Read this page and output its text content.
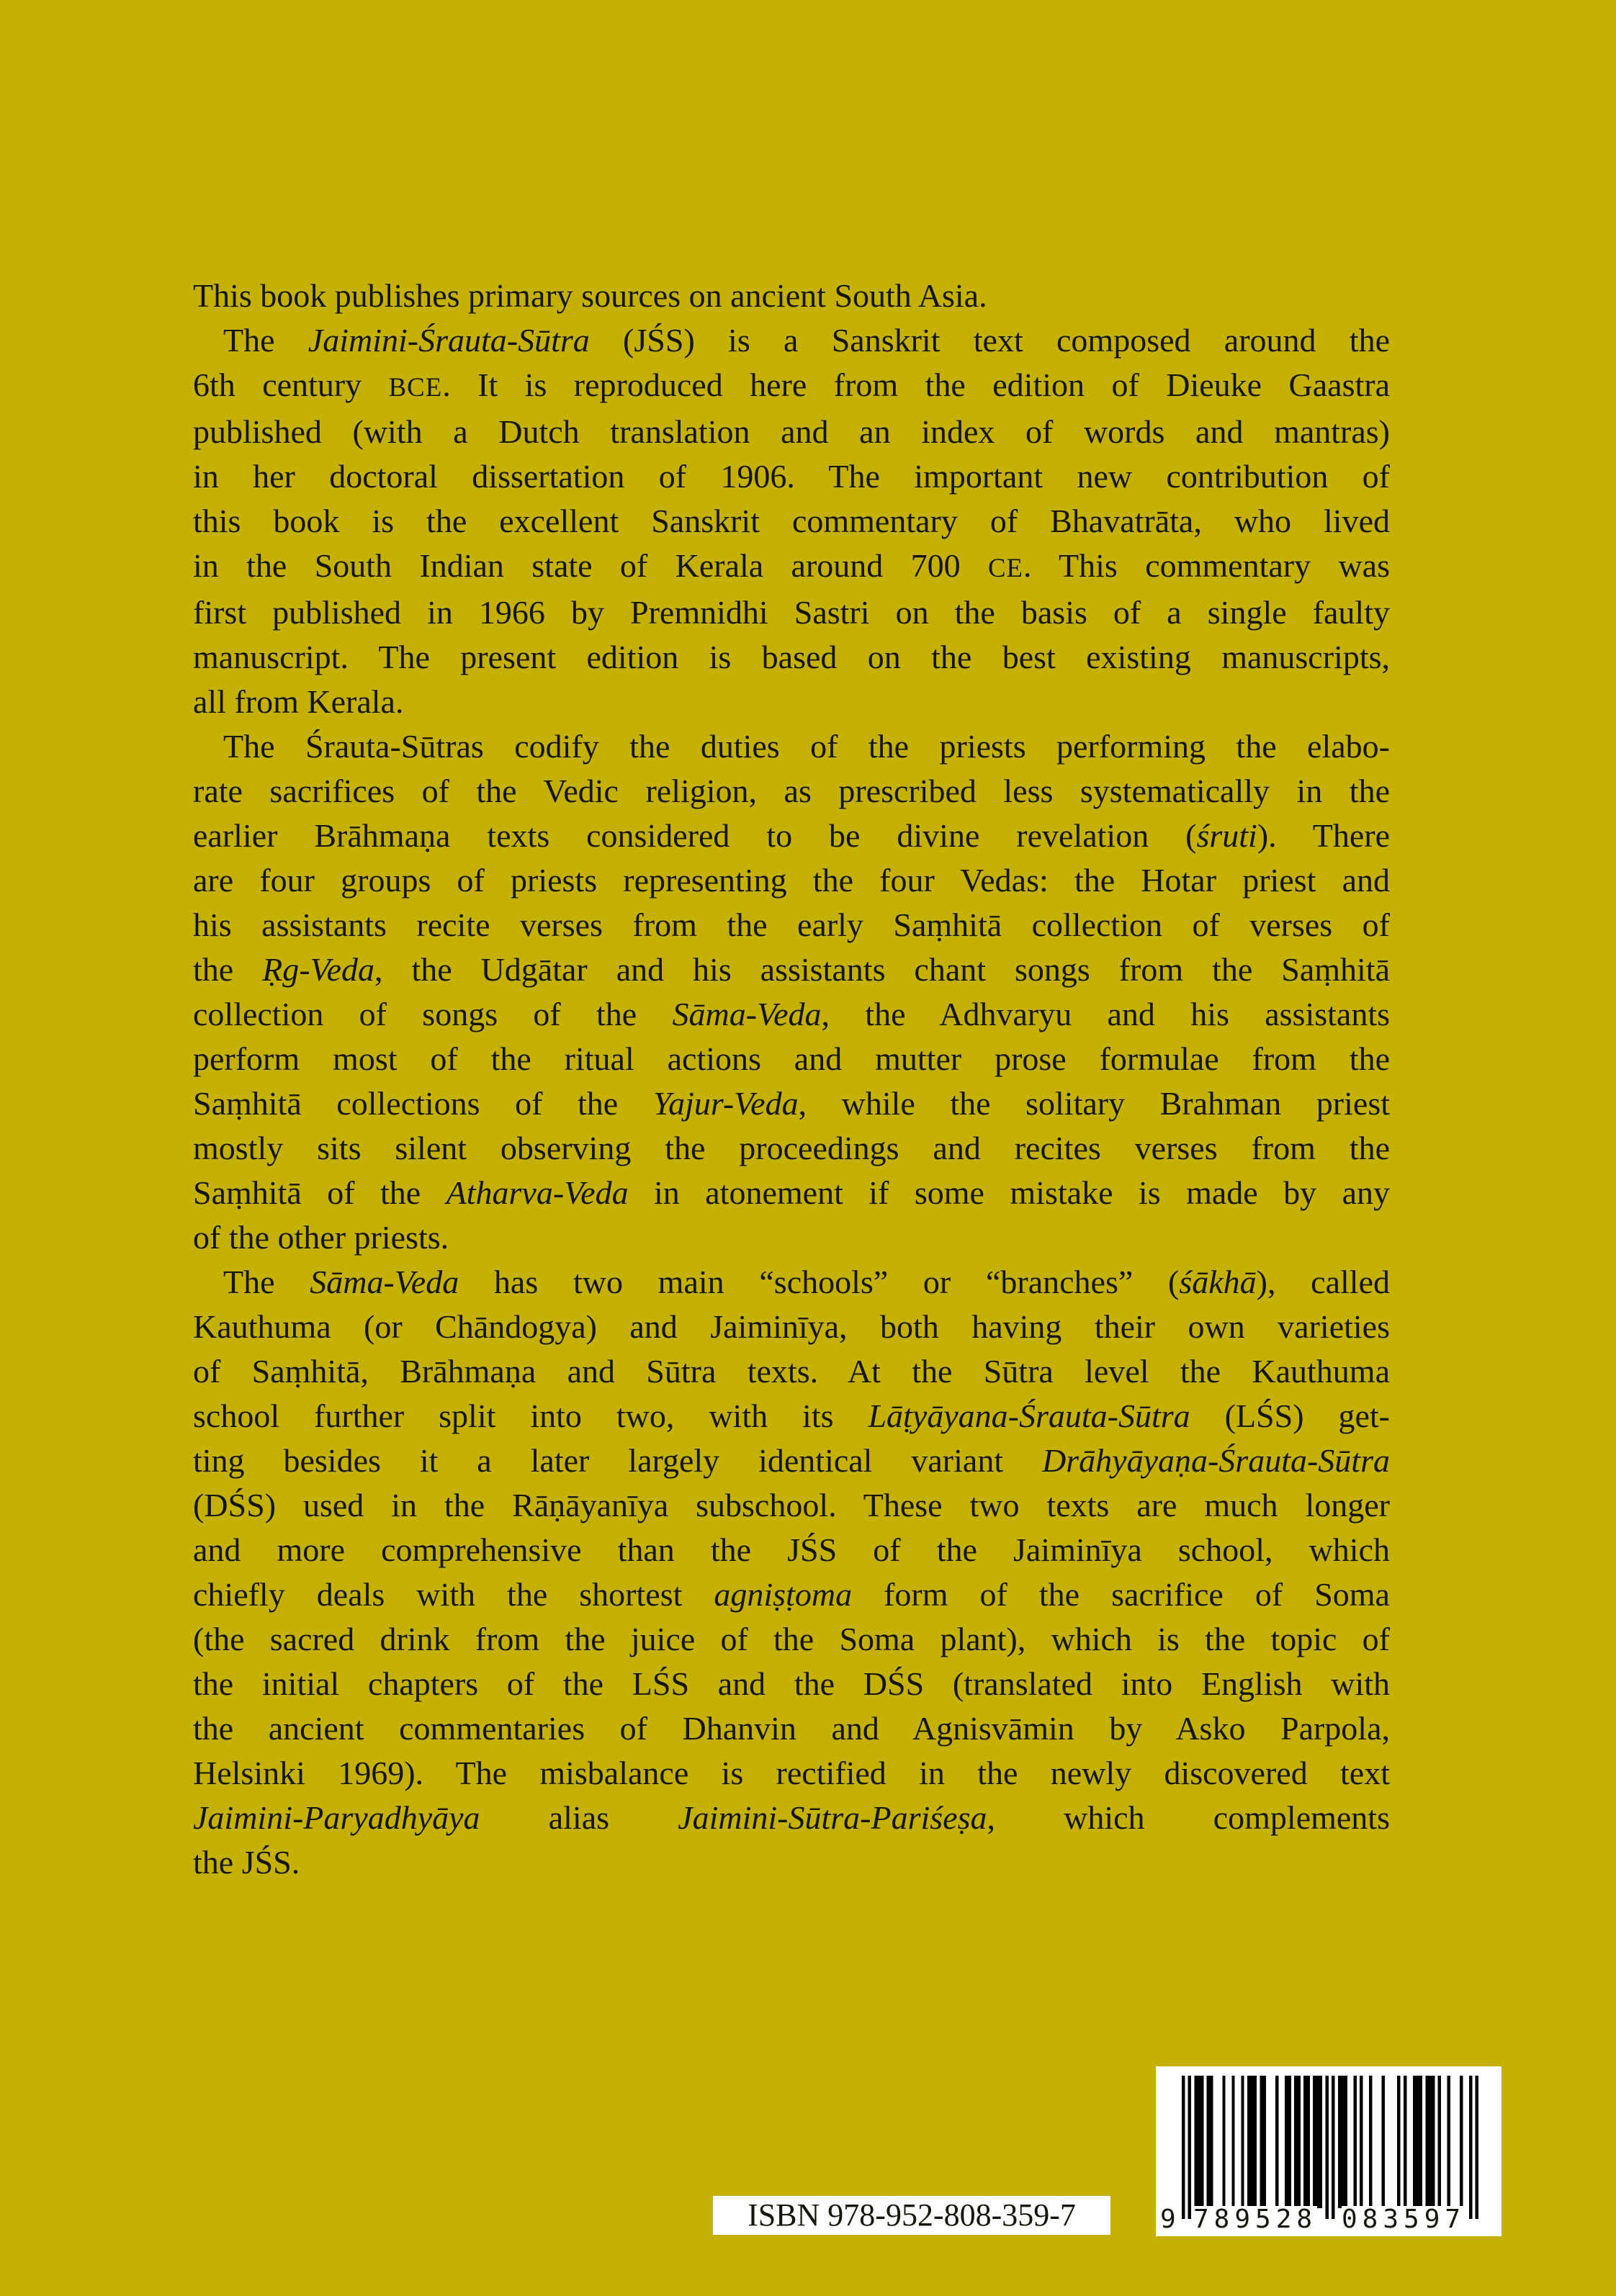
This book publishes primary sources on ancient South Asia.
The Jaimini-Śrauta-Sūtra (JŚS) is a Sanskrit text composed around the
6th century BCE. It is reproduced here from the edition of Dieuke Gaastra
published (with a Dutch translation and an index of words and mantras)
in her doctoral dissertation of 1906. The important new contribution of
this book is the excellent Sanskrit commentary of Bhavatrāta, who lived
in the South Indian state of Kerala around 700 CE. This commentary was
first published in 1966 by Premnidhi Sastri on the basis of a single faulty
manuscript. The present edition is based on the best existing manuscripts,
all from Kerala.
The Śrauta-Sūtras codify the duties of the priests performing the elabo-
rate sacrifices of the Vedic religion, as prescribed less systematically in the
earlier Brāhmaṇa texts considered to be divine revelation (śruti). There
are four groups of priests representing the four Vedas: the Hotar priest and
his assistants recite verses from the early Saṃhitā collection of verses of
the Ṛg-Veda, the Udgātar and his assistants chant songs from the Saṃhitā
collection of songs of the Sāma-Veda, the Adhvaryu and his assistants
perform most of the ritual actions and mutter prose formulae from the
Saṃhitā collections of the Yajur-Veda, while the solitary Brahman priest
mostly sits silent observing the proceedings and recites verses from the
Saṃhitā of the Atharva-Veda in atonement if some mistake is made by any
of the other priests.
The Sāma-Veda has two main “schools” or “branches” (śākhā), called
Kauthuma (or Chāndogya) and Jaiminīya, both having their own varieties
of Saṃhitā, Brāhmaṇa and Sūtra texts. At the Sūtra level the Kauthuma
school further split into two, with its Lāṭyāyana-Śrauta-Sūtra (LŚS) get-
ting besides it a later largely identical variant Drāhyāyaṇa-Śrauta-Sūtra
(DŚS) used in the Rāṇāyanīya subschool. These two texts are much longer
and more comprehensive than the JŚS of the Jaiminīya school, which
chiefly deals with the shortest agniṣṭoma form of the sacrifice of Soma
(the sacred drink from the juice of the Soma plant), which is the topic of
the initial chapters of the LŚS and the DŚS (translated into English with
the ancient commentaries of Dhanvin and Agnisvāmin by Asko Parpola,
Helsinki 1969). The misbalance is rectified in the newly discovered text
Jaimini-Paryadhyāya alias Jaimini-Sūtra-Pariśeṣa, which complements
the JŚS.
ISBN 978-952-808-359-7	9 789528 083597
